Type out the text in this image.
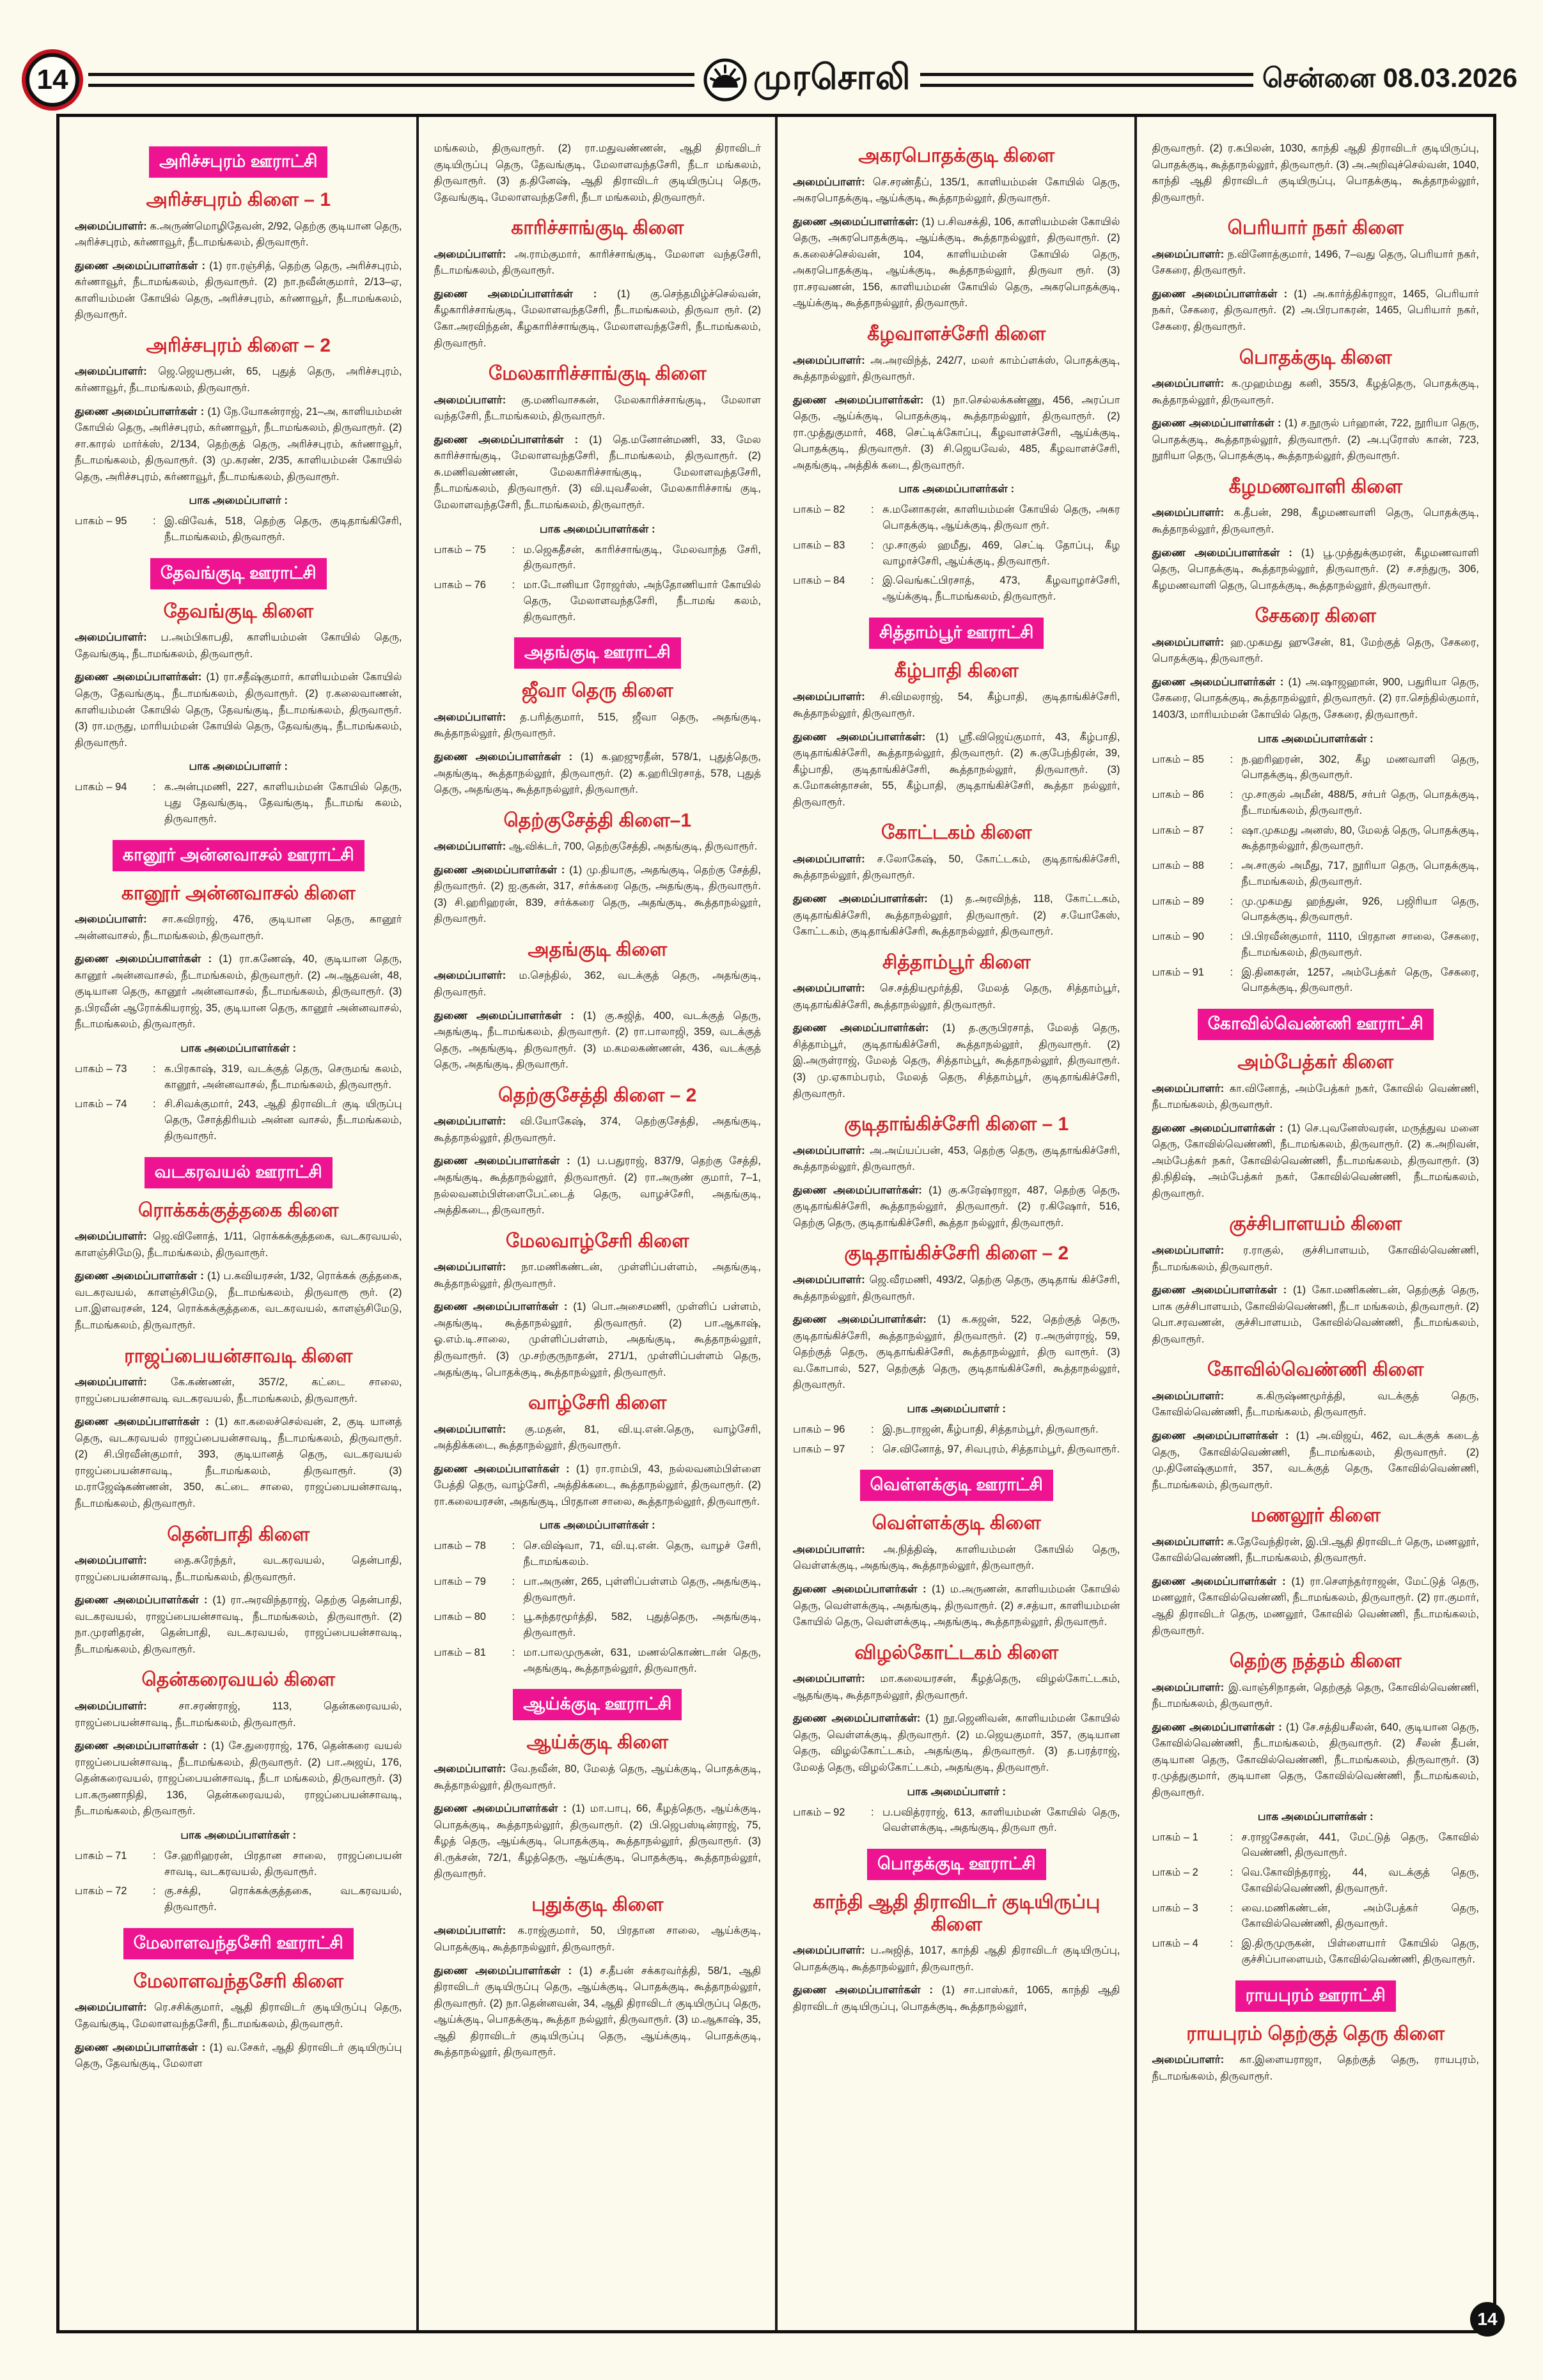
14	முரசொலி	சென்னை 08.03.2026
அரிச்சபுரம் ஊராட்சி
அரிச்சபுரம் கிளை – 1

அமைப்பாளர்: க.அருண்மொழிதேவன், 2/92, தெற்கு குடியான தெரு, அரிச்சபுரம், கர்ணாவூர், நீடாமங்கலம், திருவாரூர்.

துணை அமைப்பாளர்கள் : (1) ரா.ரஞ்சித், தெற்கு தெரு, அரிச்சபுரம், கர்ணாவூர், நீடாமங்கலம், திருவாரூர். (2) நா.நவீன்குமார், 2/13–ஏ, காளியம்மன் கோயில் தெரு, அரிச்சபுரம், கர்ணாவூர், நீடாமங்கலம், திருவாரூர்.

அரிச்சபுரம் கிளை – 2

அமைப்பாளர்: ஜெ.ஜெயரூபன், 65, புதுத் தெரு, அரிச்சபுரம், கர்ணாவூர், நீடாமங்கலம், திருவாரூர்.

துணை அமைப்பாளர்கள் : (1) நே.யோகன்ராஜ், 21–அ, காளியம்மன் கோயில் தெரு, அரிச்சபுரம், கர்ணாவூர், நீடாமங்கலம், திருவாரூர். (2) சா.காரல் மார்க்ஸ், 2/134, தெற்குத் தெரு, அரிச்சபுரம், கர்ணாவூர், நீடாமங்கலம், திருவாரூர். (3) மு.கரண், 2/35, காளியம்மன் கோயில் தெரு, அரிச்சபுரம், கர்ணாவூர், நீடாமங்கலம், திருவாரூர்.

பாக அமைப்பாளர் :
பாகம் – 95	: இ.விவேக், 518, தெற்கு தெரு, குடிதாங்கிசேரி, நீடாமங்கலம், திருவாரூர்.
தேவங்குடி ஊராட்சி
தேவங்குடி கிளை

அமைப்பாளர்: ப.அம்பிகாபதி, காளியம்மன் கோயில் தெரு, தேவங்குடி, நீடாமங்கலம், திருவாரூர்.

துணை அமைப்பாளர்கள்: (1) ரா.சதீஷ்குமார், காளியம்மன் கோயில் தெரு, தேவங்குடி, நீடாமங்கலம், திருவாரூர். (2) ர.கலைவாணன், காளியம்மன் கோயில் தெரு, தேவங்குடி, நீடாமங்கலம், திருவாரூர். (3) ரா.மருது, மாரியம்மன் கோயில் தெரு, தேவங்குடி, நீடாமங்கலம், திருவாரூர்.

பாக அமைப்பாளர் :
பாகம் – 94	: க.அன்புமணி, 227, காளியம்மன் கோயில் தெரு, புது தேவங்குடி, தேவங்குடி, நீடாமங் கலம், திருவாரூர்.
கானூர் அன்னவாசல் ஊராட்சி
கானூர் அன்னவாசல் கிளை

அமைப்பாளர்: சா.கவிராஜ், 476, குடியான தெரு, கானூர் அன்னவாசல், நீடாமங்கலம், திருவாரூர்.

துணை அமைப்பாளர்கள் : (1) ரா.கணேஷ், 40, குடியான தெரு, கானூர் அன்னவாசல், நீடாமங்கலம், திருவாரூர். (2) அ.ஆதவன், 48, குடியான தெரு, கானூர் அன்னவாசல், நீடாமங்கலம், திருவாரூர். (3) த.பிரவீன் ஆரோக்கியராஜ், 35, குடியான தெரு, கானூர் அன்னவாசல், நீடாமங்கலம், திருவாரூர்.

பாக அமைப்பாளர்கள் :
பாகம் – 73	: க.பிரகாஷ், 319, வடக்குத் தெரு, செருமங் கலம், கானூர், அன்னவாசல், நீடாமங்கலம், திருவாரூர்.
பாகம் – 74	: சி.சிவக்குமார், 243, ஆதி திராவிடர் குடி யிருப்பு தெரு, சோத்திரியம் அன்ன வாசல், நீடாமங்கலம், திருவாரூர்.
வடகரவயல் ஊராட்சி
ரொக்கக்குத்தகை கிளை

அமைப்பாளர்: ஜெ.வினோத், 1/11, ரொக்கக்குத்தகை, வடகரவயல், காளஞ்சிமேடு, நீடாமங்கலம், திருவாரூர்.

துணை அமைப்பாளர்கள் : (1) ப.கவியரசன், 1/32, ரொக்கக் குத்தகை, வடகரவயல், காளஞ்சிமேடு, நீடாமங்கலம், திருவாரூ ரூர். (2) பா.இளவரசன், 124, ரொக்கக்குத்தகை, வடகரவயல், காளஞ்சிமேடு, நீடாமங்கலம், திருவாரூர்.

ராஜப்பையன்சாவடி கிளை

அமைப்பாளர்: கே.கண்ணன், 357/2, கட்டை சாலை, ராஜப்பையன்சாவடி வடகரவயல், நீடாமங்கலம், திருவாரூர்.

துணை அமைப்பாளர்கள் : (1) கா.கலைச்செல்வன், 2, குடி யானத் தெரு, வடகரவயல் ராஜப்பையன்சாவடி, நீடாமங்கலம், திருவாரூர். (2) சி.பிரவீன்குமார், 393, குடியானத் தெரு, வடகரவயல் ராஜப்பையன்சாவடி, நீடாமங்கலம், திருவாரூர். (3) ம.ராஜேஷ்கண்ணன், 350, கட்டை சாலை, ராஜப்பையன்சாவடி, நீடாமங்கலம், திருவாரூர்.

தென்பாதி கிளை

அமைப்பாளர்:	தை.சுரேந்தர், வடகரவயல், தென்பாதி, ராஜப்பையன்சாவடி, நீடாமங்கலம், திருவாரூர்.

துணை அமைப்பாளர்கள் : (1) ரா.அரவிந்தராஜ், தெற்கு தென்பாதி, வடகரவயல், ராஜப்பையன்சாவடி, நீடாமங்கலம், திருவாரூர். (2) நா.முரளிதரன், தென்பாதி, வடகரவயல், ராஜப்பையன்சாவடி, நீடாமங்கலம், திருவாரூர்.

தென்கரைவயல் கிளை

அமைப்பாளர்:	சா.சரண்ராஜ், 113, தென்கரைவயல், ராஜப்பையன்சாவடி, நீடாமங்கலம், திருவாரூர்.

துணை அமைப்பாளர்கள் : (1) சே.துரைராஜ், 176, தென்கரை வயல் ராஜப்பையன்சாவடி, நீடாமங்கலம், திருவாரூர். (2) பா.அஜய், 176, தென்கரைவயல், ராஜப்பையன்சாவடி, நீடா மங்கலம், திருவாரூர். (3) பா.கருணாநிதி, 136, தென்கரைவயல், ராஜப்பையன்சாவடி, நீடாமங்கலம், திருவாரூர்.

பாக அமைப்பாளர்கள் :
பாகம் – 71	: சே.ஹரிஹரன், பிரதான சாலை, ராஜப்பையன் சாவடி, வடகரவயல், திருவாரூர்.
பாகம் – 72	: கு.சக்தி, ரொக்கக்குத்தகை, வடகரவயல், திருவாரூர்.
மேலாளவந்தசேரி ஊராட்சி
மேலாளவந்தசேரி கிளை

அமைப்பாளர்: ரெ.சசிக்குமார், ஆதி திராவிடர் குடியிருப்பு தெரு, தேவங்குடி, மேலாளவந்தசேரி, நீடாமங்கலம், திருவாரூர்.

துணை அமைப்பாளர்கள் : (1) வ.சேகர், ஆதி திராவிடர் குடியிருப்பு தெரு, தேவங்குடி, மேலாள

மங்கலம், திருவாரூர். (2) ரா.மதுவண்ணன், ஆதி திராவிடர் குடியிருப்பு தெரு, தேவங்குடி, மேலாளவந்தசேரி, நீடா மங்கலம், திருவாரூர். (3) த.தினேஷ், ஆதி திராவிடர் குடியிருப்பு தெரு, தேவங்குடி, மேலாளவந்தசேரி, நீடா மங்கலம், திருவாரூர்.

காரிச்சாங்குடி கிளை

அமைப்பாளர்: அ.ராம்குமார், காரிச்சாங்குடி, மேலாள வந்தசேரி, நீடாமங்கலம், திருவாரூர்.

துணை அமைப்பாளர்கள் : (1) கு.செந்தமிழ்ச்செல்வன், கீழகாரிச்சாங்குடி, மேலாளவந்தசேரி, நீடாமங்கலம், திருவா ரூர். (2) கோ.அரவிந்தன், கீழகாரிச்சாங்குடி, மேலாளவந்தசேரி, நீடாமங்கலம், திருவாரூர்.

மேலகாரிச்சாங்குடி கிளை

அமைப்பாளர்: கு.மணிவாசகன், மேலகாரிச்சாங்குடி, மேலாள வந்தசேரி, நீடாமங்கலம், திருவாரூர்.

துணை அமைப்பாளர்கள் : (1) தெ.மனோன்மணி, 33, மேல காரிச்சாங்குடி, மேலாளவந்தசேரி, நீடாமங்கலம், திருவாரூர். (2) சு.மணிவண்ணன், மேலகாரிச்சாங்குடி, மேலாளவந்தசேரி, நீடாமங்கலம், திருவாரூர். (3) வி.யுவசீலன், மேலகாரிச்சாங் குடி, மேலாளவந்தசேரி, நீடாமங்கலம், திருவாரூர்.

பாக அமைப்பாளர்கள் :
பாகம் – 75	: ம.ஜெகதீசன், காரிச்சாங்குடி, மேலவாந்த சேரி, திருவாரூர்.
பாகம் – 76	: மா.டோனியா ரோஜர்ஸ், அந்தோணியார் கோயில் தெரு, மேலாளவந்தசேரி, நீடாமங் கலம், திருவாரூர்.
அதங்குடி ஊராட்சி
ஜீவா தெரு கிளை

அமைப்பாளர்: த.பரித்குமார், 515, ஜீவா தெரு, அதங்குடி, கூத்தாநல்லூர், திருவாரூர்.

துணை அமைப்பாளர்கள் : (1) க.ஹஜுரதீன், 578/1, புதுத்தெரு, அதங்குடி, கூத்தாநல்லூர், திருவாரூர். (2) க.ஹரிபிரசாத், 578, புதுத் தெரு, அதங்குடி, கூத்தாநல்லூர், திருவாரூர்.

தெற்குசேத்தி கிளை–1

அமைப்பாளர்: ஆ.விக்டர், 700, தெற்குசேத்தி, அதங்குடி, திருவாரூர்.

துணை அமைப்பாளர்கள் : (1) மு.தியாகு, அதங்குடி, தெற்கு சேத்தி, திருவாரூர். (2) ஐ.குகன், 317, சர்க்கரை தெரு, அதங்குடி, திருவாரூர். (3) சி.ஹரிஹரன், 839, சர்க்கரை தெரு, அதங்குடி, கூத்தாநல்லூர், திருவாரூர்.

அதங்குடி கிளை

அமைப்பாளர்: ம.செந்தில், 362, வடக்குத் தெரு, அதங்குடி, திருவாரூர்.

துணை அமைப்பாளர்கள் : (1) கு.சுஜித், 400, வடக்குத் தெரு, அதங்குடி, நீடாமங்கலம், திருவாரூர். (2) ரா.பாலாஜி, 359, வடக்குத் தெரு, அதங்குடி, திருவாரூர். (3) ம.கமலகண்ணன், 436, வடக்குத் தெரு, அதங்குடி, திருவாரூர்.

தெற்குசேத்தி கிளை – 2

அமைப்பாளர்: வி.யோகேஷ், 374, தெற்குசேத்தி, அதங்குடி, கூத்தாநல்லூர், திருவாரூர்.

துணை அமைப்பாளர்கள் : (1) ப.பதுராஜ், 837/9, தெற்கு சேத்தி, அதங்குடி, கூத்தாநல்லூர், திருவாரூர். (2) ரா.அருண் குமார், 7–1, நல்லவனம்பிள்ளைபேட்டைத் தெரு, வாழச்சேரி, அதங்குடி, அத்திகடை, திருவாரூர்.

மேலவாழ்சேரி கிளை

அமைப்பாளர்: நா.மணிகண்டன், முள்ளிப்பள்ளம், அதங்குடி, கூத்தாநல்லூர், திருவாரூர்.

துணை அமைப்பாளர்கள் : (1) பொ.அசைமணி, முள்ளிப் பள்ளம், அதங்குடி, கூத்தாநல்லூர், திருவாரூர். (2) பா.ஆகாஷ், ஓ.எம்.டி.சாலை, முள்ளிப்பள்ளம், அதங்குடி, கூத்தாநல்லூர், திருவாரூர். (3) மு.சற்குருநாதன், 271/1, முள்ளிப்பள்ளம் தெரு, அதங்குடி, பொதக்குடி, கூத்தாநல்லூர், திருவாரூர்.

வாழ்சேரி கிளை

அமைப்பாளர்: கு.மதன், 81, வி.யு.என்.தெரு, வாழ்சேரி, அத்திக்கடை, கூத்தாநல்லூர், திருவாரூர்.

துணை அமைப்பாளர்கள் : (1) ரா.ராம்பி, 43, நல்லவனம்பிள்ளை பேத்தி தெரு, வாழ்சேரி, அத்திக்கடை, கூத்தாநல்லூர், திருவாரூர். (2) ரா.கலையரசன், அதங்குடி, பிரதான சாலை, கூத்தாநல்லூர், திருவாரூர்.

பாக அமைப்பாளர்கள் :
பாகம் – 78	: செ.விஷ்வா, 71, வி.யு.என். தெரு, வாழச் சேரி, நீடாமங்கலம்.
பாகம் – 79	: பா.அருண், 265, புள்ளிப்பள்ளம் தெரு, அதங்குடி, திருவாரூர்.
பாகம் – 80	: பூ.சுந்தரமூர்த்தி, 582, புதுத்தெரு, அதங்குடி, திருவாரூர்.
பாகம் – 81	: மா.பாலமுருகன், 631, மணல்கொண்டான் தெரு, அதங்குடி, கூத்தாநல்லூர், திருவாரூர்.
ஆய்க்குடி ஊராட்சி
ஆய்க்குடி கிளை

அமைப்பாளர்: வே.நவீன், 80, மேலத் தெரு, ஆய்க்குடி, பொதக்குடி, கூத்தாநல்லூர், திருவாரூர்.

துணை அமைப்பாளர்கள் : (1) மா.பாபு, 66, கீழத்தெரு, ஆய்க்குடி, பொதக்குடி, கூத்தாநல்லூர், திருவாரூர். (2) பி.ஜெபஸ்டின்ராஜ், 75, கீழத் தெரு, ஆய்க்குடி, பொதக்குடி, கூத்தாநல்லூர், திருவாரூர். (3) சி.ருக்சன், 72/1, கீழத்தெரு, ஆய்க்குடி, பொதக்குடி, கூத்தாநல்லூர், திருவாரூர்.

புதுக்குடி கிளை

அமைப்பாளர்: க.ராஜ்குமார், 50, பிரதான சாலை, ஆய்க்குடி, பொதக்குடி, கூத்தாநல்லூர், திருவாரூர்.

துணை அமைப்பாளர்கள் : (1) ச.தீபன் சக்கரவர்த்தி, 58/1, ஆதி திராவிடர் குடியிருப்பு தெரு, ஆய்க்குடி, பொதக்குடி, கூத்தாநல்லூர், திருவாரூர். (2) நா.தென்னவன், 34, ஆதி திராவிடர் குடியிருப்பு தெரு, ஆய்க்குடி, பொதக்குடி, கூத்தா நல்லூர், திருவாரூர். (3) ம.ஆகாஷ், 35, ஆதி திராவிடர் குடியிருப்பு தெரு, ஆய்க்குடி, பொதக்குடி, கூத்தாநல்லூர், திருவாரூர்.

அகரபொதக்குடி கிளை

அமைப்பாளர்: செ.சரண்தீப், 135/1, காளியம்மன் கோயில் தெரு, அகரபொதக்குடி, ஆய்க்குடி, கூத்தாநல்லூர், திருவாரூர்.

துணை அமைப்பாளர்கள்: (1) ப.சிவசக்தி, 106, காளியம்மன் கோயில் தெரு, அகரபொதக்குடி, ஆய்க்குடி, கூத்தாநல்லூர், திருவாரூர். (2) சு.கலைச்செல்வன், 104, காளியம்மன் கோயில் தெரு, அகரபொதக்குடி, ஆய்க்குடி, கூத்தாநல்லூர், திருவா ரூர். (3) ரா.சரவணன், 156, காளியம்மன் கோயில் தெரு, அகரபொதக்குடி, ஆய்க்குடி, கூத்தாநல்லூர், திருவாரூர்.

கீழவாளச்சேரி கிளை

அமைப்பாளர்: அ.அரவிந்த், 242/7, மலர் காம்ப்ளக்ஸ், பொதக்குடி, கூத்தாநல்லூர், திருவாரூர்.

துணை அமைப்பாளர்கள்: (1) நா.செல்லக்கண்ணு, 456, அரப்பா தெரு, ஆய்க்குடி, பொதக்குடி, கூத்தாநல்லூர், திருவாரூர். (2) ரா.முத்துகுமார், 468, செட்டிக்கோப்பு, கீழவாளச்சேரி, ஆய்க்குடி, பொதக்குடி, திருவாரூர். (3) சி.ஜெயவேல், 485, கீழவாளச்சேரி, அதங்குடி, அத்திக் கடை, திருவாரூர்.

பாக அமைப்பாளர்கள் :
பாகம் – 82	: சு.மனோகரன், காளியம்மன் கோயில் தெரு, அகர பொதக்குடி, ஆய்க்குடி, திருவா ரூர்.
பாகம் – 83	: மு.சாகுல் ஹமீது, 469, செட்டி தோப்பு, கீழ வாழாச்சேரி, ஆய்க்குடி, திருவாரூர்.
பாகம் – 84	: இ.வெங்கட்பிரசாத், 473, கீழவாழாச்சேரி, ஆய்க்குடி, நீடாமங்கலம், திருவாரூர்.
சித்தாம்பூர் ஊராட்சி
கீழ்பாதி கிளை

அமைப்பாளர்: சி.விமலராஜ், 54, கீழ்பாதி, குடிதாங்கிச்சேரி, கூத்தாநல்லூர், திருவாரூர்.

துணை அமைப்பாளர்கள்: (1) ஸ்ரீ.விஜெய்குமார், 43, கீழ்பாதி, குடிதாங்கிச்சேரி, கூத்தாநல்லூர், திருவாரூர். (2) சு.குபேந்திரன், 39, கீழ்பாதி, குடிதாங்கிச்சேரி, கூத்தாநல்லூர், திருவாரூர். (3) க.மோகன்தாசன், 55, கீழ்பாதி, குடிதாங்கிச்சேரி, கூத்தா நல்லூர், திருவாரூர்.

கோட்டகம் கிளை

அமைப்பாளர்: ச.லோகேஷ், 50, கோட்டகம், குடிதாங்கிச்சேரி, கூத்தாநல்லூர், திருவாரூர்.

துணை அமைப்பாளர்கள்: (1) த.அரவிந்த், 118, கோட்டகம், குடிதாங்கிச்சேரி, கூத்தாநல்லூர், திருவாரூர். (2) ச.யோகேஸ், கோட்டகம், குடிதாங்கிச்சேரி, கூத்தாநல்லூர், திருவாரூர்.

சித்தாம்பூர் கிளை

அமைப்பாளர்: செ.சத்தியமூர்த்தி, மேலத் தெரு, சித்தாம்பூர், குடிதாங்கிச்சேரி, கூத்தாநல்லூர், திருவாரூர்.

துணை அமைப்பாளர்கள்: (1) த.குருபிரசாத், மேலத் தெரு, சித்தாம்பூர், குடிதாங்கிச்சேரி, கூத்தாநல்லூர், திருவாரூர். (2) இ.அருள்ராஜ், மேலத் தெரு, சித்தாம்பூர், கூத்தாநல்லூர், திருவாரூர். (3) மு.ஏகாம்பரம், மேலத் தெரு, சித்தாம்பூர், குடிதாங்கிச்சேரி, திருவாரூர்.

குடிதாங்கிச்சேரி கிளை – 1

அமைப்பாளர்: அ.அய்யப்பன், 453, தெற்கு தெரு, குடிதாங்கிச்சேரி, கூத்தாநல்லூர், திருவாரூர்.

துணை அமைப்பாளர்கள்: (1) கு.சுரேஷ்ராஜா, 487, தெற்கு தெரு, குடிதாங்கிச்சேரி, கூத்தாநல்லூர், திருவாரூர். (2) ர.கிஷோர், 516, தெற்கு தெரு, குடிதாங்கிச்சேரி, கூத்தா நல்லூர், திருவாரூர்.

குடிதாங்கிச்சேரி கிளை – 2

அமைப்பாளர்: ஜெ.வீரமணி, 493/2, தெற்கு தெரு, குடிதாங் கிச்சேரி, கூத்தாநல்லூர், திருவாரூர்.

துணை அமைப்பாளர்கள்: (1) க.கஜன், 522, தெற்குத் தெரு, குடிதாங்கிச்சேரி, கூத்தாநல்லூர், திருவாரூர். (2) ர.அருள்ராஜ், 59, தெற்குத் தெரு, குடிதாங்கிச்சேரி, கூத்தாநல்லூர், திரு வாரூர். (3) வ.கோபால், 527, தெற்குத் தெரு, குடிதாங்கிச்சேரி, கூத்தாநல்லூர், திருவாரூர்.

பாக அமைப்பாளர் :
பாகம் – 96	: இ.நடராஜன், கீழ்பாதி, சித்தாம்பூர், திருவாரூர்.
பாகம் – 97	: செ.வினோத், 97, சிவபுரம், சித்தாம்பூர், திருவாரூர்.
வெள்ளக்குடி ஊராட்சி
வெள்ளக்குடி கிளை

அமைப்பாளர்: அ.நித்திஷ், காளியம்மன் கோயில் தெரு, வெள்ளக்குடி, அதங்குடி, கூத்தாநல்லூர், திருவாரூர்.

துணை அமைப்பாளர்கள் : (1) ம.அருணன், காளியம்மன் கோயில் தெரு, வெள்ளக்குடி, அதங்குடி, திருவாரூர். (2) ச.சத்யா, காளியம்மன் கோயில் தெரு, வெள்ளக்குடி, அதங்குடி, கூத்தாநல்லூர், திருவாரூர்.

விழல்கோட்டகம் கிளை

அமைப்பாளர்: மா.கலையரசன், கீழத்தெரு, விழல்கோட்டகம், ஆதங்குடி, கூத்தாநல்லூர், திருவாரூர்.

துணை அமைப்பாளர்கள்: (1) நூ.ஜெனிவன், காளியம்மன் கோயில் தெரு, வெள்ளக்குடி, திருவாரூர். (2) ம.ஜெயகுமார், 357, குடியான தெரு, விழல்கோட்டகம், அதங்குடி, திருவாரூர். (3) த.பரத்ராஜ், மேலத் தெரு, விழல்கோட்டகம், அதங்குடி, திருவாரூர்.

பாக அமைப்பாளர் :
பாகம் – 92	: ப.பவித்ரராஜ், 613, காளியம்மன் கோயில் தெரு, வெள்ளக்குடி, அதங்குடி, திருவா ரூர்.
பொதக்குடி ஊராட்சி
காந்தி ஆதி திராவிடர் குடியிருப்பு கிளை

அமைப்பாளர்: ப.அஜித், 1017, காந்தி ஆதி திராவிடர் குடியிருப்பு, பொதக்குடி, கூத்தாநல்லூர், திருவாரூர்.

துணை அமைப்பாளர்கள் : (1) சா.பாஸ்கர், 1065, காந்தி ஆதி திராவிடர் குடியிருப்பு, பொதக்குடி, கூத்தாநல்லூர்,

திருவாரூர். (2) ர.கபிலன், 1030, காந்தி ஆதி திராவிடர் குடியிருப்பு, பொதக்குடி, கூத்தாநல்லூர், திருவாரூர். (3) அ.அறிவுச்செல்வன், 1040, காந்தி ஆதி திராவிடர் குடியிருப்பு, பொதக்குடி, கூத்தாநல்லூர், திருவாரூர்.

பெரியார் நகர் கிளை

அமைப்பாளர்: ந.வினோத்குமார், 1496, 7–வது தெரு, பெரியார் நகர், சேகரை, திருவாரூர்.

துணை அமைப்பாளர்கள் : (1) அ.கார்த்திக்ராஜா, 1465, பெரியார் நகர், சேகரை, திருவாரூர். (2) அ.பிரபாகரன், 1465, பெரியார் நகர், சேகரை, திருவாரூர்.

பொதக்குடி கிளை

அமைப்பாளர்: க.முஹம்மது கனி, 355/3, கீழத்தெரு, பொதக்குடி, கூத்தாநல்லூர், திருவாரூர்.

துணை அமைப்பாளர்கள் : (1) ச.நூருல் பர்ஹான், 722, நூரியா தெரு, பொதக்குடி, கூத்தாநல்லூர், திருவாரூர். (2) அ.புரோஸ் கான், 723, நூரியா தெரு, பொதக்குடி, கூத்தாநல்லூர், திருவாரூர்.

கீழமணவாளி கிளை

அமைப்பாளர்: க.தீபன், 298, கீழமணவாளி தெரு, பொதக்குடி, கூத்தாநல்லூர், திருவாரூர்.

துணை அமைப்பாளர்கள் : (1) பூ.முத்துக்குமரன், கீழமணவாளி தெரு, பொதக்குடி, கூத்தாநல்லூர், திருவாரூர். (2) ச.சந்துரு, 306, கீழமணவாளி தெரு, பொதக்குடி, கூத்தாநல்லூர், திருவாரூர்.

சேகரை கிளை

அமைப்பாளர்: ஹ.முகமது ஹுசேன், 81, மேற்குத் தெரு, சேகரை, பொதக்குடி, திருவாரூர்.

துணை அமைப்பாளர்கள் : (1) அ.ஷாஜஹான், 900, பதுரியா தெரு, சேகரை, பொதக்குடி, கூத்தாநல்லூர், திருவாரூர். (2) ரா.செந்தில்குமார், 1403/3, மாரியம்மன் கோயில் தெரு, சேகரை, திருவாரூர்.

பாக அமைப்பாளர்கள் :
பாகம் – 85	: ந.ஹரிஹரன், 302, கீழ மணவாளி தெரு, பொதக்குடி, திருவாரூர்.
பாகம் – 86	: மு.சாகுல் அமீன், 488/5, சர்பர் தெரு, பொதக்குடி, நீடாமங்கலம், திருவாரூர்.
பாகம் – 87	: ஷா.முகமது அனஸ், 80, மேலத் தெரு, பொதக்குடி, கூத்தாநல்லூர், திருவாரூர்.
பாகம் – 88	: அ.சாகுல் அமீது, 717, நூரியா தெரு, பொதக்குடி, நீடாமங்கலம், திருவாரூர்.
பாகம் – 89	: மு.முகமது ஹந்துன், 926, பஜிரியா தெரு, பொதக்குடி, திருவாரூர்.
பாகம் – 90	: பி.பிரவீன்குமார், 1110, பிரதான சாலை, சேகரை, நீடாமங்கலம், திருவாரூர்.
பாகம் – 91	: இ.தினகரன், 1257, அம்பேத்கர் தெரு, சேகரை, பொதக்குடி, திருவாரூர்.
கோவில்வெண்ணி ஊராட்சி
அம்பேத்கர் கிளை

அமைப்பாளர்: கா.வினோத், அம்பேத்கர் நகர், கோவில் வெண்ணி, நீடாமங்கலம், திருவாரூர்.

துணை அமைப்பாளர்கள் : (1) செ.புவனேஸ்வரன், மருத்துவ மனை தெரு, கோவில்வெண்ணி, நீடாமங்கலம், திருவாரூர். (2) க.அறிவன், அம்பேத்கர் நகர், கோவில்வெண்ணி, நீடாமங்கலம், திருவாரூர். (3) தி.நிதிஷ், அம்பேத்கர் நகர், கோவில்வெண்ணி, நீடாமங்கலம், திருவாரூர்.

குச்சிபாளயம் கிளை

அமைப்பாளர்: ர.ராகுல், குச்சிபாளயம், கோவில்வெண்ணி, நீடாமங்கலம், திருவாரூர்.

துணை அமைப்பாளர்கள் : (1) கோ.மணிகண்டன், தெற்குத் தெரு, பாக குச்சிபாளயம், கோவில்வெண்ணி, நீடா மங்கலம், திருவாரூர். (2) பொ.சரவணன், குச்சிபாளயம், கோவில்வெண்ணி, நீடாமங்கலம், திருவாரூர்.

கோவில்வெண்ணி கிளை

அமைப்பாளர்:	க.கிருஷ்ணமூர்த்தி, வடக்குத் தெரு, கோவில்வெண்ணி, நீடாமங்கலம், திருவாரூர்.

துணை அமைப்பாளர்கள் : (1) அ.விஜய், 462, வடக்குக் கடைத் தெரு, கோவில்வெண்ணி, நீடாமங்கலம், திருவாரூர். (2) மு.தினேஷ்குமார், 357, வடக்குத் தெரு, கோவில்வெண்ணி, நீடாமங்கலம், திருவாரூர்.

மணலூர் கிளை

அமைப்பாளர்: க.தேவேந்திரன், இ.பி.ஆதி திராவிடர் தெரு, மணலூர், கோவில்வெண்ணி, நீடாமங்கலம், திருவாரூர்.

துணை அமைப்பாளர்கள் : (1) ரா.சௌந்தர்ராஜன், மேட்டுத் தெரு, மணலூர், கோவில்வெண்ணி, நீடாமங்கலம், திருவாரூர். (2) ரா.குமார், ஆதி திராவிடர் தெரு, மணலூர், கோவில் வெண்ணி, நீடாமங்கலம், திருவாரூர்.

தெற்கு நத்தம் கிளை

அமைப்பாளர்: இ.வாஞ்சிநாதன், தெற்குத் தெரு, கோவில்வெண்ணி, நீடாமங்கலம், திருவாரூர்.

துணை அமைப்பாளர்கள் : (1) சே.சத்தியசீலன், 640, குடியான தெரு, கோவில்வெண்ணி, நீடாமங்கலம், திருவாரூர். (2) சீலன் தீபன், குடியான தெரு, கோவில்வெண்ணி, நீடாமங்கலம், திருவாரூர். (3) ர.முத்துகுமார், குடியான தெரு, கோவில்வெண்ணி, நீடாமங்கலம், திருவாரூர்.

பாக அமைப்பாளர்கள் :
பாகம் – 1	: ச.ராஜசேகரன், 441, மேட்டுத் தெரு, கோவில் வெண்ணி, திருவாரூர்.
பாகம் – 2	: வெ.கோவிந்தராஜ், 44, வடக்குத் தெரு, கோவில்வெண்ணி, திருவாரூர்.
பாகம் – 3	: வை.மணிகண்டன், அம்பேத்கர் தெரு, கோவில்வெண்ணி, திருவாரூர்.
பாகம் – 4	: இ.திருமுருகன், பிள்ளையார் கோயில் தெரு, குச்சிப்பாளையம், கோவில்வெண்ணி, திருவாரூர்.
ராயபுரம் ஊராட்சி
ராயபுரம் தெற்குத் தெரு கிளை

அமைப்பாளர்: கா.இளையராஜா, தெற்குத் தெரு, ராயபுரம், நீடாமங்கலம், திருவாரூர்.

14
